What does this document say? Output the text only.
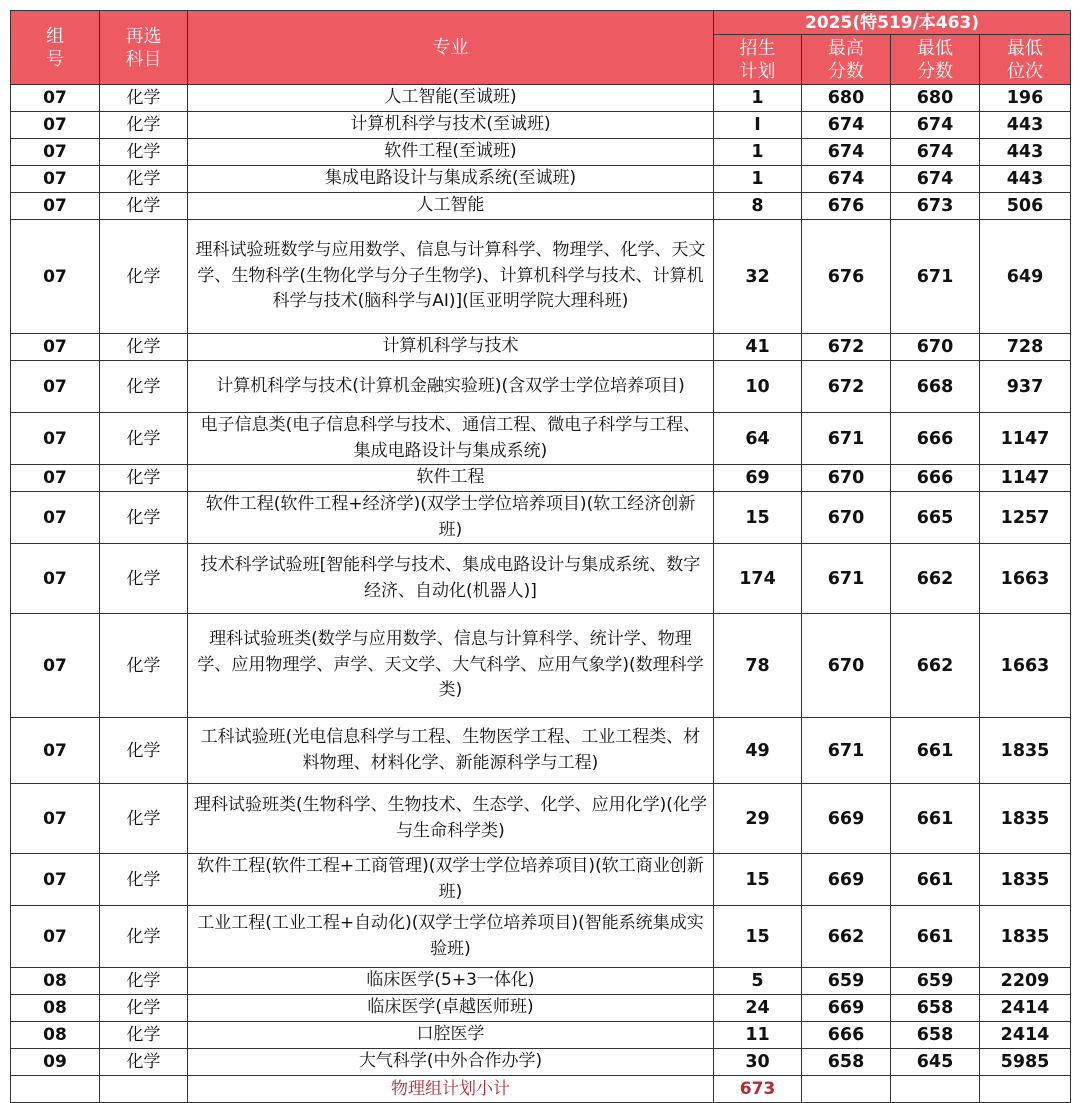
组号	再选科目	专业	2025(特519/本463)			
			招生计划	最高分数	最低分数	最低位次
07	化学	人工智能(至诚班)	1	680	680	196
07	化学	计算机科学与技术(至诚班)	I	674	674	443
07	化学	软件工程(至诚班)	1	674	674	443
07	化学	集成电路设计与集成系统(至诚班)	1	674	674	443
07	化学	人工智能	8	676	673	506
07	化学	理科试验班数学与应用数学、信息与计算科学、物理学、化学、天文学、生物科学(生物化学与分子生物学)、计算机科学与技术、计算机科学与技术(脑科学与AI)](匡亚明学院大理科班)	32	676	671	649
07	化学	计算机科学与技术	41	672	670	728
07	化学	计算机科学与技术(计算机金融实验班)(含双学士学位培养项目)	10	672	668	937
07	化学	电子信息类(电子信息科学与技术、通信工程、微电子科学与工程、集成电路设计与集成系统)	64	671	666	1147
07	化学	软件工程	69	670	666	1147
07	化学	软件工程(软件工程+经济学)(双学士学位培养项目)(软工经济创新班)	15	670	665	1257
07	化学	技术科学试验班[智能科学与技术、集成电路设计与集成系统、数字经济、自动化(机器人)]	174	671	662	1663
07	化学	理科试验班类(数学与应用数学、信息与计算科学、统计学、物理学、应用物理学、声学、天文学、大气科学、应用气象学)(数理科学类)	78	670	662	1663
07	化学	工科试验班(光电信息科学与工程、生物医学工程、工业工程类、材料物理、材料化学、新能源科学与工程)	49	671	661	1835
07	化学	理科试验班类(生物科学、生物技术、生态学、化学、应用化学)(化学与生命科学类)	29	669	661	1835
07	化学	软件工程(软件工程+工商管理)(双学士学位培养项目)(软工商业创新班)	15	669	661	1835
07	化学	工业工程(工业工程+自动化)(双学士学位培养项目)(智能系统集成实验班)	15	662	661	1835
08	化学	临床医学(5+3一体化)	5	659	659	2209
08	化学	临床医学(卓越医师班)	24	669	658	2414
08	化学	口腔医学	11	666	658	2414
09	化学	大气科学(中外合作办学)	30	658	645	5985
		物理组计划小计	673			
